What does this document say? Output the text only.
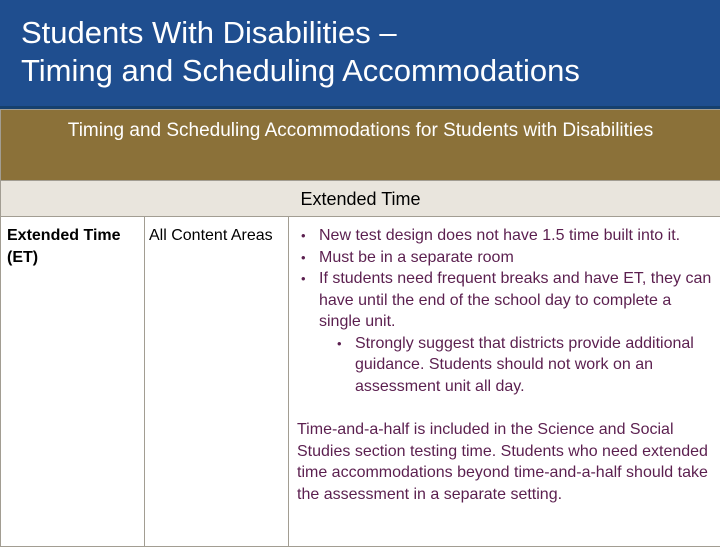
Students With Disabilities –
Timing and Scheduling Accommodations
Timing and Scheduling Accommodations for Students with Disabilities
Extended Time
Extended Time (ET)	All Content Areas	
•New test design does not have 1.5 time built into it.
• Must be in a separate room
• If students need frequent breaks and have ET, they can have until the end of the school day to complete a single unit.
• Strongly suggest that districts provide additional guidance. Students should not work on an assessment unit all day.
Time-and-a-half is included in the Science and Social Studies section testing time. Students who need extended time accommodations beyond time-and-a-half should take the assessment in a separate setting.
